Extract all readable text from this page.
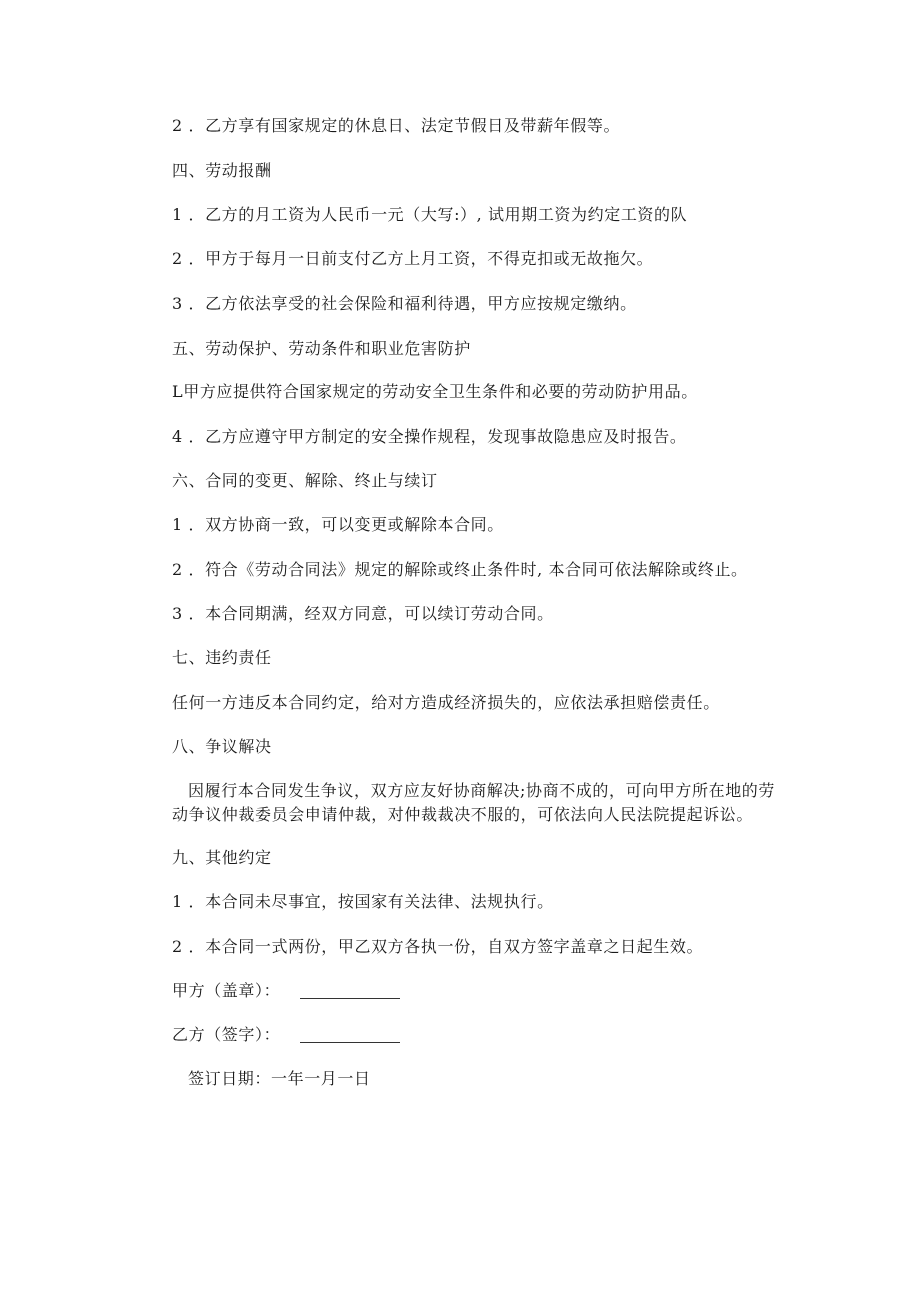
2 ．乙方享有国家规定的休息日、法定节假日及带薪年假等。
四、劳动报酬
1 ．乙方的月工资为人民币一元（大写:）, 试用期工资为约定工资的队
2 ．甲方于每月一日前支付乙方上月工资，不得克扣或无故拖欠。
3 ．乙方依法享受的社会保险和福利待遇，甲方应按规定缴纳。
五、劳动保护、劳动条件和职业危害防护
L甲方应提供符合国家规定的劳动安全卫生条件和必要的劳动防护用品。
4 ．乙方应遵守甲方制定的安全操作规程，发现事故隐患应及时报告。
六、合同的变更、解除、终止与续订
1 ．双方协商一致，可以变更或解除本合同。
2 ．符合《劳动合同法》规定的解除或终止条件时, 本合同可依法解除或终止。
3 ．本合同期满，经双方同意，可以续订劳动合同。
七、违约责任
任何一方违反本合同约定，给对方造成经济损失的，应依法承担赔偿责任。
八、争议解决
因履行本合同发生争议，双方应友好协商解决;协商不成的，可向甲方所在地的劳动争议仲裁委员会申请仲裁，对仲裁裁决不服的，可依法向人民法院提起诉讼。
九、其他约定
1 ．本合同未尽事宜，按国家有关法律、法规执行。
2 ．本合同一式两份，甲乙双方各执一份，自双方签字盖章之日起生效。
甲方（盖章）：
乙方（签字）：
签订日期：一年一月一日
